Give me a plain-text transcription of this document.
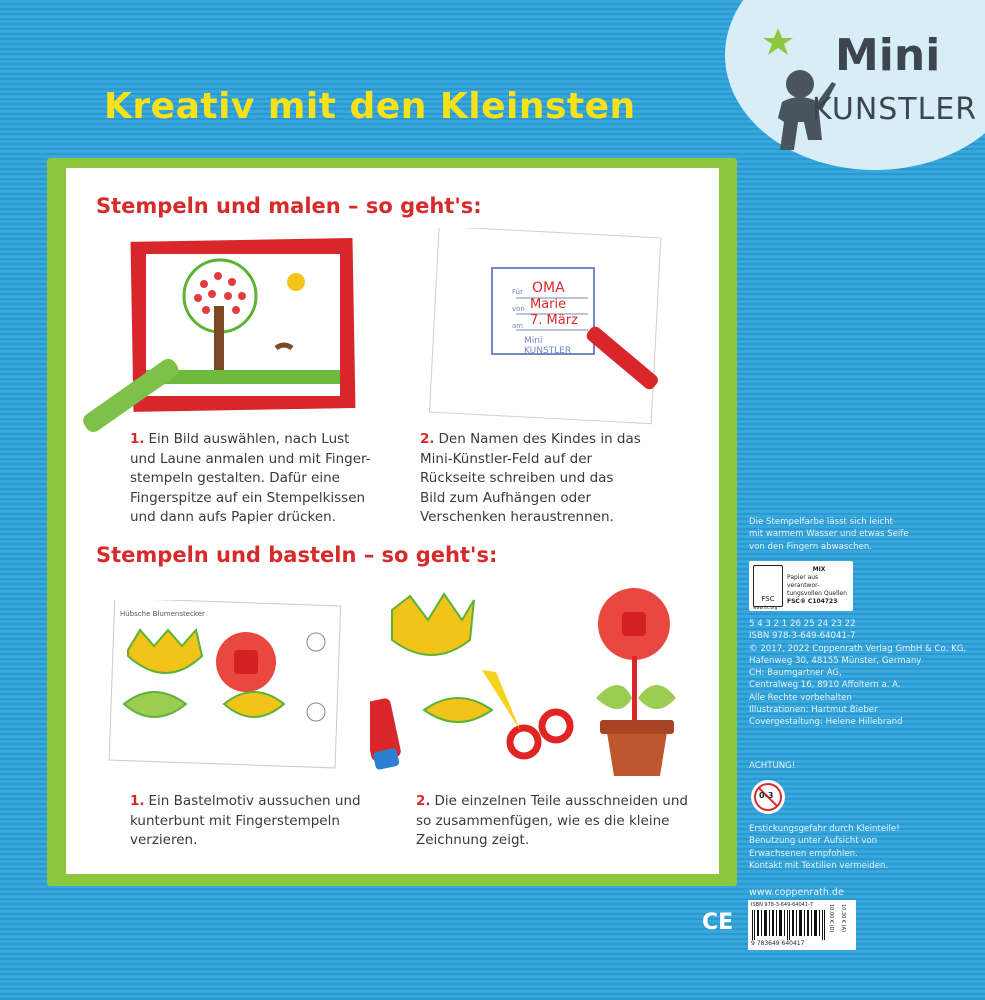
Mini
KUNSTLER
Kreativ mit den Kleinsten
Stempeln und malen – so geht's:
Für OMA
von Marie
am 7. März
Mini KUNSTLER
1. Ein Bild auswählen, nach Lust
und Laune anmalen und mit Finger-
stempeln gestalten. Dafür eine
Fingerspitze auf ein Stempelkissen
und dann aufs Papier drücken.
2. Den Namen des Kindes in das
Mini-Künstler-Feld auf der
Rückseite schreiben und das
Bild zum Aufhängen oder
Verschenken heraustrennen.
Stempeln und basteln – so geht's:
Hübsche Blumenstecker
1. Ein Bastelmotiv aussuchen und
kunterbunt mit Fingerstempeln
verzieren.
2. Die einzelnen Teile ausschneiden und
so zusammenfügen, wie es die kleine
Zeichnung zeigt.
Die Stempelfarbe lässt sich leicht
mit warmem Wasser und etwas Seife
von den Fingern abwaschen.
FSC
MIX
Papier aus verantwor-tungsvollen Quellen
FSC® C104723
www.fsc.org
5 4 3 2 1 26 25 24 23 22
ISBN 978-3-649-64041-7
© 2017, 2022 Coppenrath Verlag GmbH & Co. KG,
Hafenweg 30, 48155 Münster, Germany
CH: Baumgartner AG,
Centralweg 16, 8910 Affoltern a. A.
Alle Rechte vorbehalten
Illustrationen: Hartmut Bieber
Covergestaltung: Helene Hillebrand
ACHTUNG!
0-3
Erstickungsgefahr durch Kleinteile!
Benutzung unter Aufsicht von
Erwachsenen empfohlen.
Kontakt mit Textilien vermeiden.
www.coppenrath.de
CE
ISBN 978-3-649-64041-7
9 783649 640417
10,00 € (D) 10,30 € (A)
